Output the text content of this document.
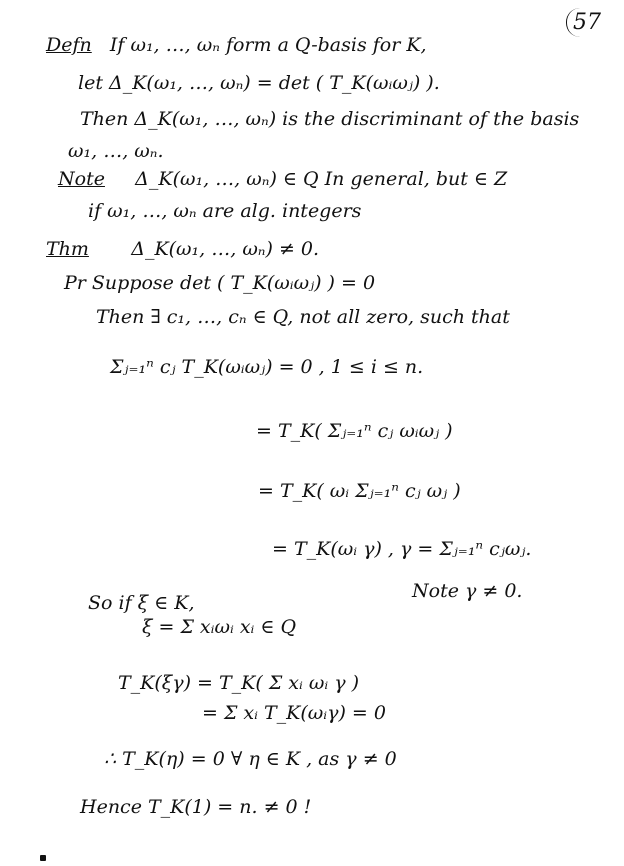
57
Defn If ω₁, …, ωₙ form a Q-basis for K,
let Δ_K(ω₁, …, ωₙ) = det ( T_K(ωᵢωⱼ) ).
Then Δ_K(ω₁, …, ωₙ) is the discriminant of the basis
ω₁, …, ωₙ.
Note Δ_K(ω₁, …, ωₙ) ∈ Q In general, but ∈ Z
if ω₁, …, ωₙ are alg. integers
Thm Δ_K(ω₁, …, ωₙ) ≠ 0.
Pr Suppose det ( T_K(ωᵢωⱼ) ) = 0
Then ∃ c₁, …, cₙ ∈ Q, not all zero, such that
Σⱼ₌₁ⁿ cⱼ T_K(ωᵢωⱼ) = 0 , 1 ≤ i ≤ n.
= T_K( Σⱼ₌₁ⁿ cⱼ ωᵢωⱼ )
= T_K( ωᵢ Σⱼ₌₁ⁿ cⱼ ωⱼ )
= T_K(ωᵢ γ) , γ = Σⱼ₌₁ⁿ cⱼωⱼ.
Note γ ≠ 0.
So if ξ ∈ K,
ξ = Σ xᵢωᵢ xᵢ ∈ Q
T_K(ξγ) = T_K( Σ xᵢ ωᵢ γ )
= Σ xᵢ T_K(ωᵢγ) = 0
∴ T_K(η) = 0 ∀ η ∈ K , as γ ≠ 0
Hence T_K(1) = n. ≠ 0 !
